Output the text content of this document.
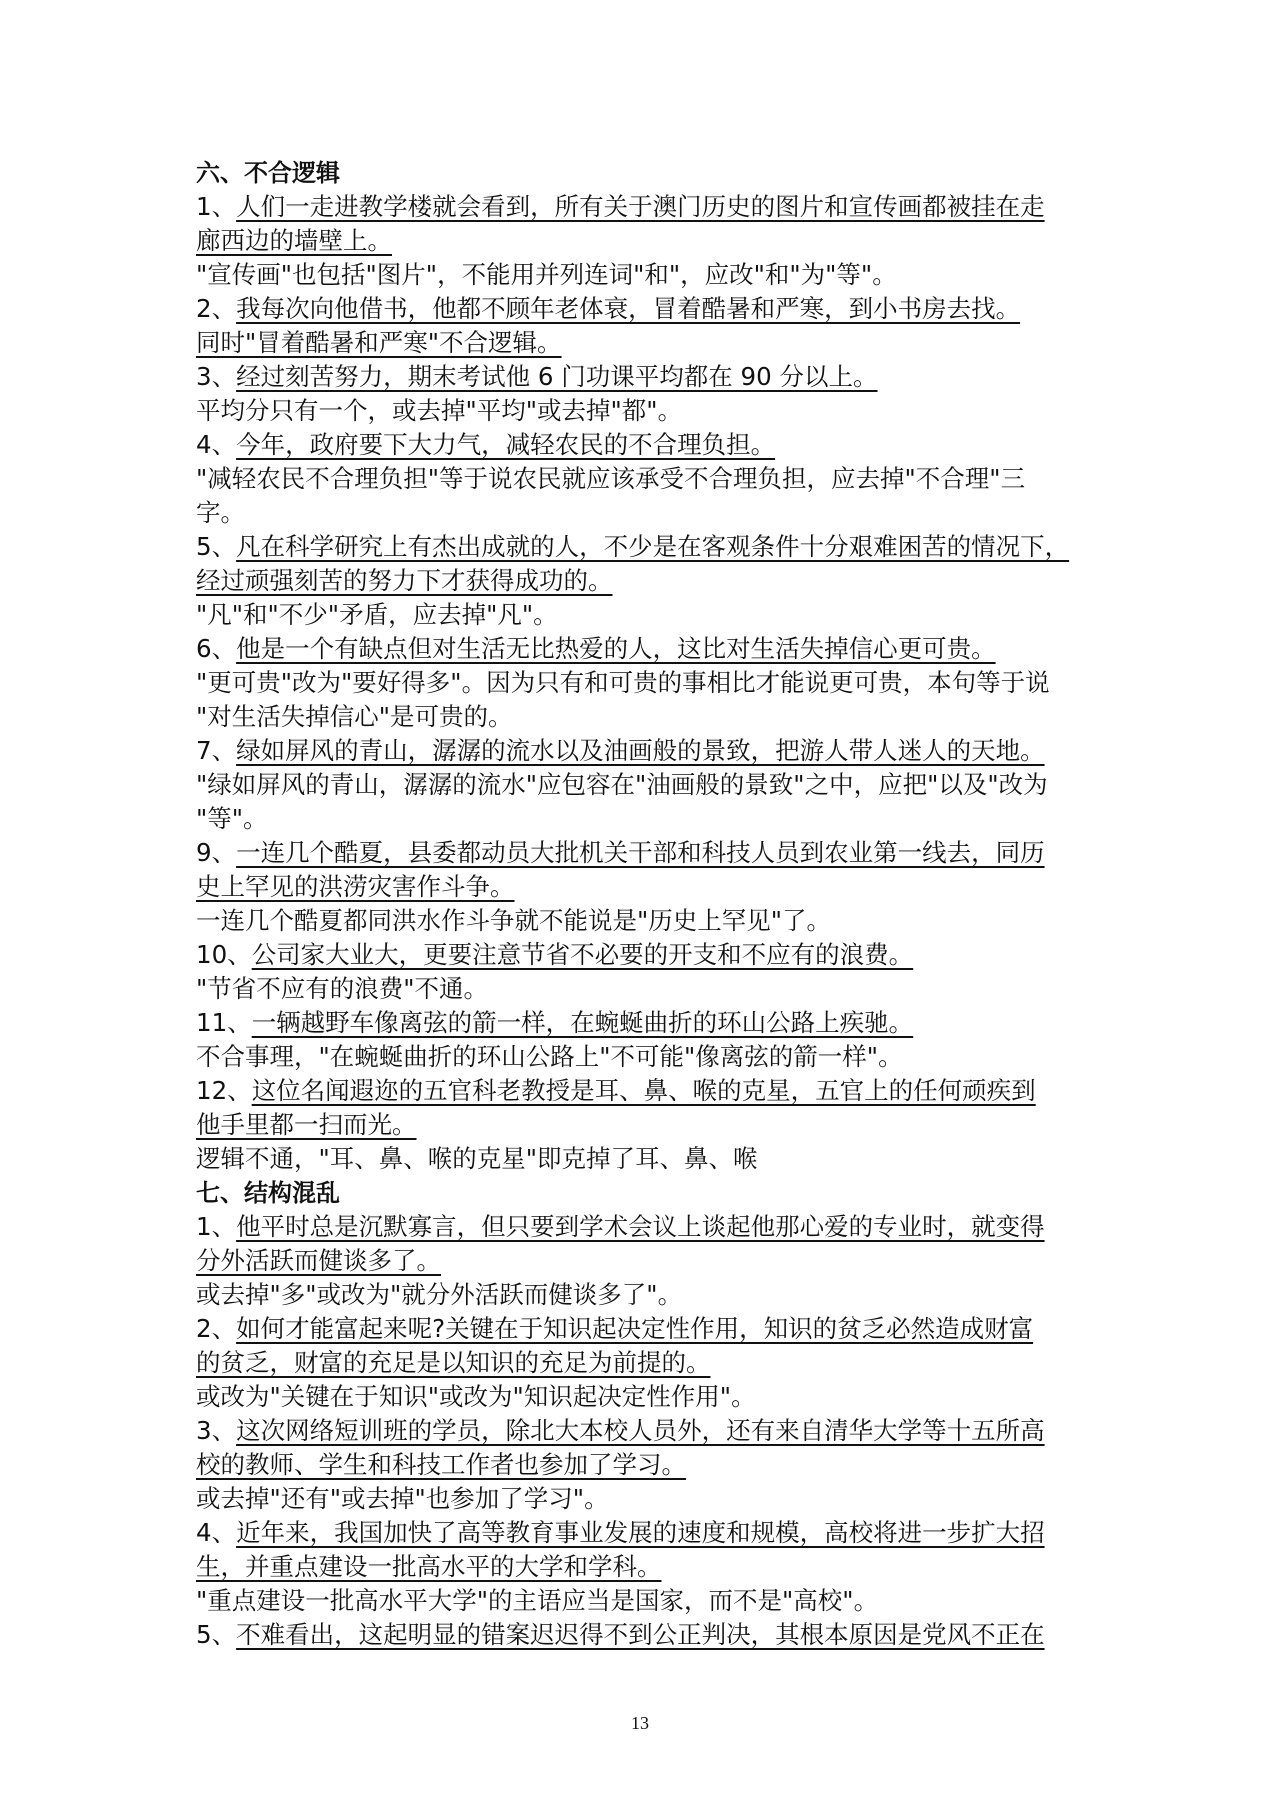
六、不合逻辑
1、人们一走进教学楼就会看到，所有关于澳门历史的图片和宣传画都被挂在走
廊西边的墙壁上。
"宣传画"也包括"图片"，不能用并列连词"和"，应改"和"为"等"。
2、我每次向他借书，他都不顾年老体衰，冒着酷暑和严寒，到小书房去找。
同时"冒着酷暑和严寒"不合逻辑。
3、经过刻苦努力，期末考试他 6 门功课平均都在 90 分以上。
平均分只有一个，或去掉"平均"或去掉"都"。
4、今年，政府要下大力气，减轻农民的不合理负担。
"减轻农民不合理负担"等于说农民就应该承受不合理负担，应去掉"不合理"三
字。
5、凡在科学研究上有杰出成就的人，不少是在客观条件十分艰难困苦的情况下，
经过顽强刻苦的努力下才获得成功的。
"凡"和"不少"矛盾，应去掉"凡"。
6、他是一个有缺点但对生活无比热爱的人，这比对生活失掉信心更可贵。
"更可贵"改为"要好得多"。因为只有和可贵的事相比才能说更可贵，本句等于说
"对生活失掉信心"是可贵的。
7、绿如屏风的青山，潺潺的流水以及油画般的景致，把游人带人迷人的天地。
"绿如屏风的青山，潺潺的流水"应包容在"油画般的景致"之中，应把"以及"改为
"等"。
9、一连几个酷夏，县委都动员大批机关干部和科技人员到农业第一线去，同历
史上罕见的洪涝灾害作斗争。
一连几个酷夏都同洪水作斗争就不能说是"历史上罕见"了。
10、公司家大业大，更要注意节省不必要的开支和不应有的浪费。
"节省不应有的浪费"不通。
11、一辆越野车像离弦的箭一样，在蜿蜒曲折的环山公路上疾驰。
不合事理，"在蜿蜒曲折的环山公路上"不可能"像离弦的箭一样"。
12、这位名闻遐迩的五官科老教授是耳、鼻、喉的克星，五官上的任何顽疾到
他手里都一扫而光。
逻辑不通，"耳、鼻、喉的克星"即克掉了耳、鼻、喉
七、结构混乱
1、他平时总是沉默寡言，但只要到学术会议上谈起他那心爱的专业时，就变得
分外活跃而健谈多了。
或去掉"多"或改为"就分外活跃而健谈多了"。
2、如何才能富起来呢?关键在于知识起决定性作用，知识的贫乏必然造成财富
的贫乏，财富的充足是以知识的充足为前提的。
或改为"关键在于知识"或改为"知识起决定性作用"。
3、这次网络短训班的学员，除北大本校人员外，还有来自清华大学等十五所高
校的教师、学生和科技工作者也参加了学习。
或去掉"还有"或去掉"也参加了学习"。
4、近年来，我国加快了高等教育事业发展的速度和规模，高校将进一步扩大招
生，并重点建设一批高水平的大学和学科。
"重点建设一批高水平大学"的主语应当是国家，而不是"高校"。
5、不难看出，这起明显的错案迟迟得不到公正判决，其根本原因是党风不正在
13
